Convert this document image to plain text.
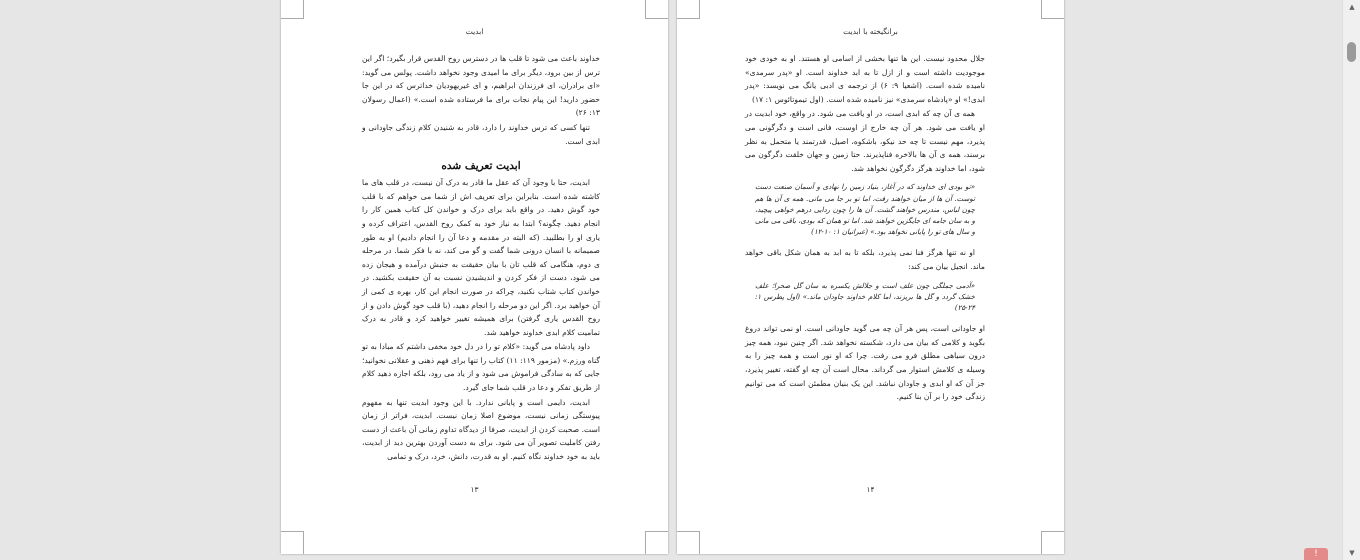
ابدیت

خداوند باعث می شود تا قلب ها در دسترس روح القدس قرار بگیرد؛ اگر این ترس از بین برود، دیگر برای ما امیدی وجود نخواهد داشت. پولس می گوید: «ای برادران، ای فرزندان ابراهیم، و ای غیریهودیان خداترس که در این جا حضور دارید! این پیام نجات برای ما فرستاده شده است.» (اعمال رسولان ۱۳: ۲۶)

تنها کسی که ترس خداوند را دارد، قادر به شنیدن کلام زندگی جاودانی و ابدی است.

ابدیت تعریف شده

ابدیت، حتا با وجود آن که عقل ما قادر به درک آن نیست، در قلب های ما کاشته شده است. بنابراین برای تعریف اش از شما می خواهم که با قلب خود گوش دهید. در واقع باید برای درک و خواندن کل کتاب همین کار را انجام دهید. چگونه؟ ابتدا به نیاز خود به کمک روح القدس، اعتراف کرده و یاری او را بطلبید. (که البته در مقدمه و دعا آن را انجام دادیم) او به طور صمیمانه با انسان درونی شما گفت و گو می کند، نه با فکر شما. در مرحله ی دوم، هنگامی که قلب تان با بیان حقیقت به جنبش درآمده و هیجان زده می شود، دست از فکر کردن و اندیشیدن نسبت به آن حقیقت بکشید. در خواندن کتاب شتاب نکنید، چراکه در صورت انجام این کار، بهره ی کمی از آن خواهید برد. اگر این دو مرحله را انجام دهید، (با قلب خود گوش دادن و از روح القدس یاری گرفتن) برای همیشه تغییر خواهید کرد و قادر به درک تمامیت کلام ابدی خداوند خواهید شد.

داود پادشاه می گوید: «کلام تو را در دل خود مخفی داشتم که مبادا به تو گناه ورزم.» (مزمور ۱۱۹: ۱۱) کتاب را تنها برای فهم ذهنی و عقلانی نخوانید؛ جایی که به سادگی فراموش می شود و از یاد می رود، بلکه اجازه دهید کلام از طریق تفکر و دعا در قلب شما جای گیرد.

ابدیت، دایمی است و پایانی ندارد. با این وجود ابدیت تنها به مفهوم پیوستگی زمانی نیست، موضوع اصلا زمان نیست. ابدیت، فراتر از زمان است. صحبت کردن از ابدیت، صرفا از دیدگاه تداوم زمانی آن باعث از دست رفتن کاملیت تصویر آن می شود. برای به دست آوردن بهترین دید از ابدیت، باید به خود خداوند نگاه کنیم. او به قدرت، دانش، خرد، درک و تمامی

۱۳
برانگیخته با ابدیت

جلال محدود نیست. این ها تنها بخشی از اسامی او هستند. او به خودی خود موجودیت داشته است و از ازل تا به ابد خداوند است. او «پدر سرمدی» نامیده شده است. (اشعیا ۹: ۶) از ترجمه ی ادبی یانگ می نویسد: «پدر ابدی!» او «پادشاه سرمدی» نیز نامیده شده است. (اول تیموتائوس ۱: ۱۷)

همه ی آن چه که ابدی است، در او یافت می شود. در واقع، خود ابدیت در او یافت می شود. هر آن چه خارج از اوست، فانی است و دگرگونی می پذیرد، مهم نیست تا چه حد نیکو، باشکوه، اصیل، قدرتمند یا متحمل به نظر برسند، همه ی آن ها بالاخره فناپذیرند. حتا زمین و جهان خلقت دگرگون می شود، اما خداوند هرگز دگرگون نخواهد شد.

«تو بودی ای خداوند که در آغاز، بنیاد زمین را نهادی و آسمان صنعت دست توست. آن ها از میان خواهند رفت، اما تو بر جا می مانی. همه ی آن ها هم چون لباس، مندرس خواهند گشت. آن ها را چون ردایی درهم خواهی پیچید، و به سان جامه ای جایگزین خواهند شد. اما تو همان که بودی، باقی می مانی و سال های تو را پایانی نخواهد بود.» (عبرانیان ۱: ۱۰-۱۲)

او نه تنها هرگز فنا نمی پذیرد، بلکه تا به ابد به همان شکل باقی خواهد ماند. انجیل بیان می کند:

«آدمی جملگی چون علف است و جلالش یکسره به سان گل صحرا؛ علف خشک گردد و گل ها بریزند، اما کلام خداوند جاودان ماند.» (اول پطرس ۱: ۲۴-۲۵)

او جاودانی است، پس هر آن چه می گوید جاودانی است. او نمی تواند دروغ بگوید و کلامی که بیان می دارد، شکسته نخواهد شد. اگر چنین نبود، همه چیز درون سیاهی مطلق فرو می رفت. چرا که او نور است و همه چیز را به وسیله ی کلامش استوار می گرداند. محال است آن چه او گفته، تغییر پذیرد، جز آن که او ابدی و جاودان نباشد. این یک بنیان مطمئن است که می توانیم زندگی خود را بر آن بنا کنیم.

۱۴
▲
▼
!
